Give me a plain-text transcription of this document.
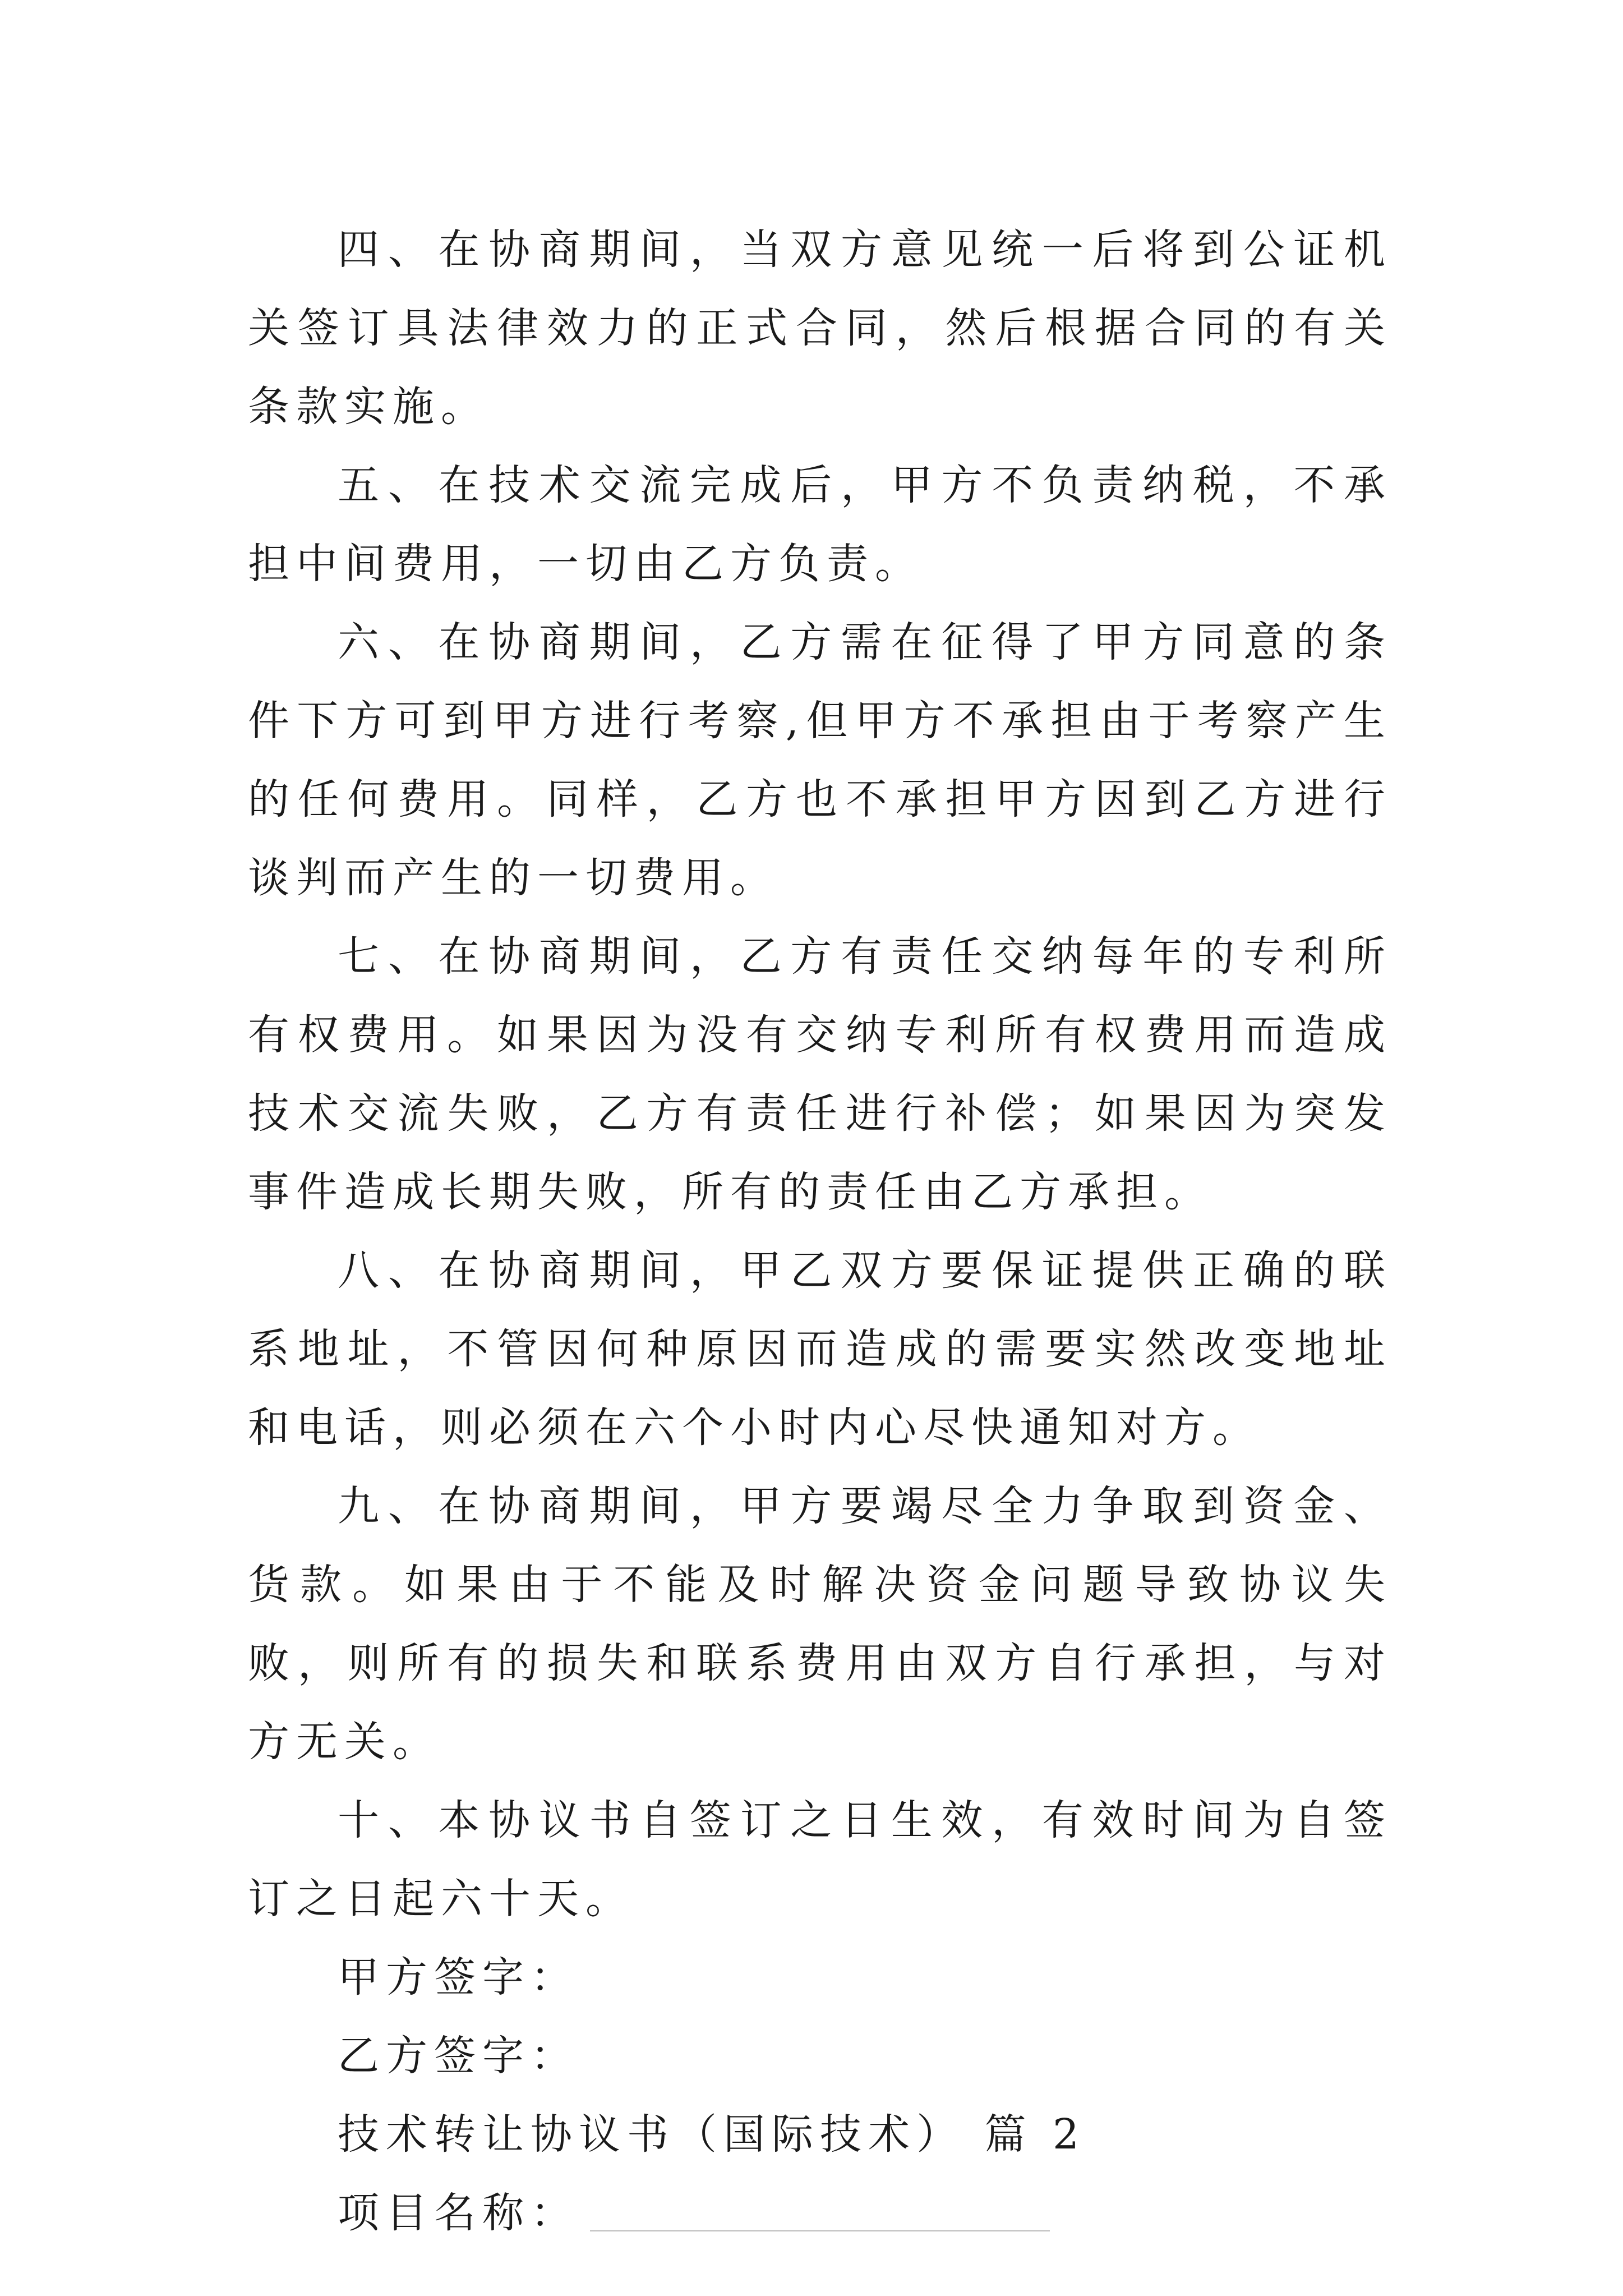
四、在协商期间，当双方意见统一后将到公证机关签订具法律效力的正式合同，然后根据合同的有关条款实施。

五、在技术交流完成后，甲方不负责纳税，不承担中间费用，一切由乙方负责。

六、在协商期间，乙方需在征得了甲方同意的条件下方可到甲方进行考察,但甲方不承担由于考察产生的任何费用。同样，乙方也不承担甲方因到乙方进行谈判而产生的一切费用。

七、在协商期间，乙方有责任交纳每年的专利所有权费用。如果因为没有交纳专利所有权费用而造成技术交流失败，乙方有责任进行补偿；如果因为突发事件造成长期失败，所有的责任由乙方承担。

八、在协商期间，甲乙双方要保证提供正确的联系地址，不管因何种原因而造成的需要实然改变地址和电话，则必须在六个小时内心尽快通知对方。

九、在协商期间，甲方要竭尽全力争取到资金、货款。如果由于不能及时解决资金问题导致协议失败，则所有的损失和联系费用由双方自行承担，与对方无关。

十、本协议书自签订之日生效，有效时间为自签订之日起六十天。

甲方签字：

乙方签字：

技术转让协议书（国际技术） 篇 2

项目名称：
